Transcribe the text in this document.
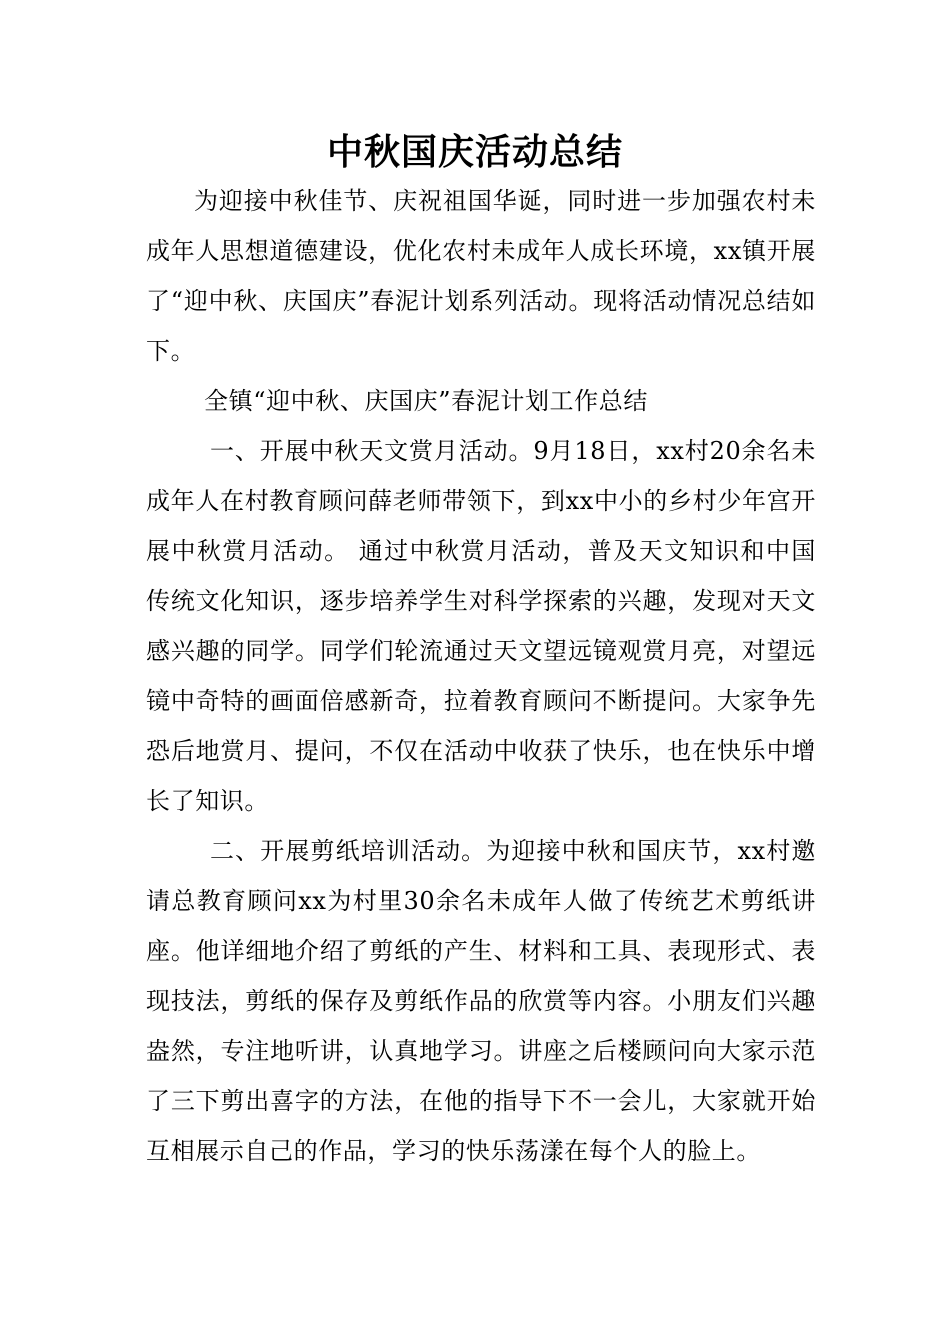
中秋国庆活动总结

为迎接中秋佳节、庆祝祖国华诞，同时进一步加强农村未成年人思想道德建设，优化农村未成年人成长环境，xx镇开展了“迎中秋、庆国庆”春泥计划系列活动。现将活动情况总结如下。

全镇“迎中秋、庆国庆”春泥计划工作总结

一、开展中秋天文赏月活动。9月18日，xx村20余名未成年人在村教育顾问薛老师带领下，到xx中小的乡村少年宫开展中秋赏月活动。 通过中秋赏月活动，普及天文知识和中国传统文化知识，逐步培养学生对科学探索的兴趣，发现对天文感兴趣的同学。同学们轮流通过天文望远镜观赏月亮，对望远镜中奇特的画面倍感新奇，拉着教育顾问不断提问。大家争先恐后地赏月、提问，不仅在活动中收获了快乐，也在快乐中增长了知识。

二、开展剪纸培训活动。为迎接中秋和国庆节，xx村邀请总教育顾问xx为村里30余名未成年人做了传统艺术剪纸讲座。他详细地介绍了剪纸的产生、材料和工具、表现形式、表现技法，剪纸的保存及剪纸作品的欣赏等内容。小朋友们兴趣盎然，专注地听讲，认真地学习。讲座之后楼顾问向大家示范了三下剪出喜字的方法，在他的指导下不一会儿，大家就开始互相展示自己的作品，学习的快乐荡漾在每个人的脸上。
